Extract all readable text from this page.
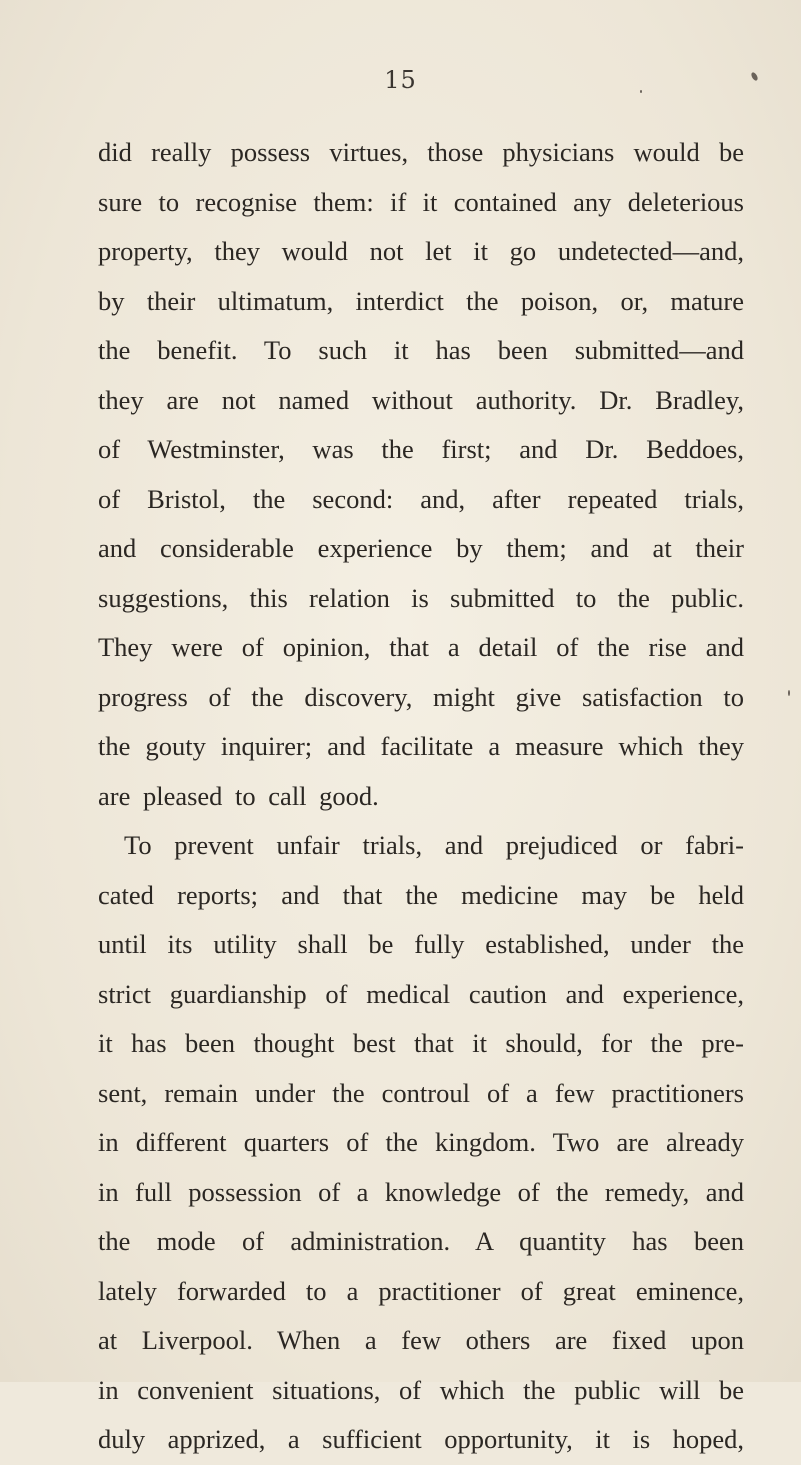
15
did really possess virtues, those physicians would be
sure to recognise them: if it contained any deleterious
property, they would not let it go undetected—and,
by their ultimatum, interdict the poison, or, mature
the benefit. To such it has been submitted—and
they are not named without authority. Dr. Bradley,
of Westminster, was the first; and Dr. Beddoes,
of Bristol, the second: and, after repeated trials,
and considerable experience by them; and at their
suggestions, this relation is submitted to the public.
They were of opinion, that a detail of the rise and
progress of the discovery, might give satisfaction to
the gouty inquirer; and facilitate a measure which they
are pleased to call good.
To prevent unfair trials, and prejudiced or fabri-
cated reports; and that the medicine may be held
until its utility shall be fully established, under the
strict guardianship of medical caution and experience,
it has been thought best that it should, for the pre-
sent, remain under the controul of a few practitioners
in different quarters of the kingdom. Two are already
in full possession of a knowledge of the remedy, and
the mode of administration. A quantity has been
lately forwarded to a practitioner of great eminence,
at Liverpool. When a few others are fixed upon
in convenient situations, of which the public will be
duly apprized, a sufficient opportunity, it is hoped,
